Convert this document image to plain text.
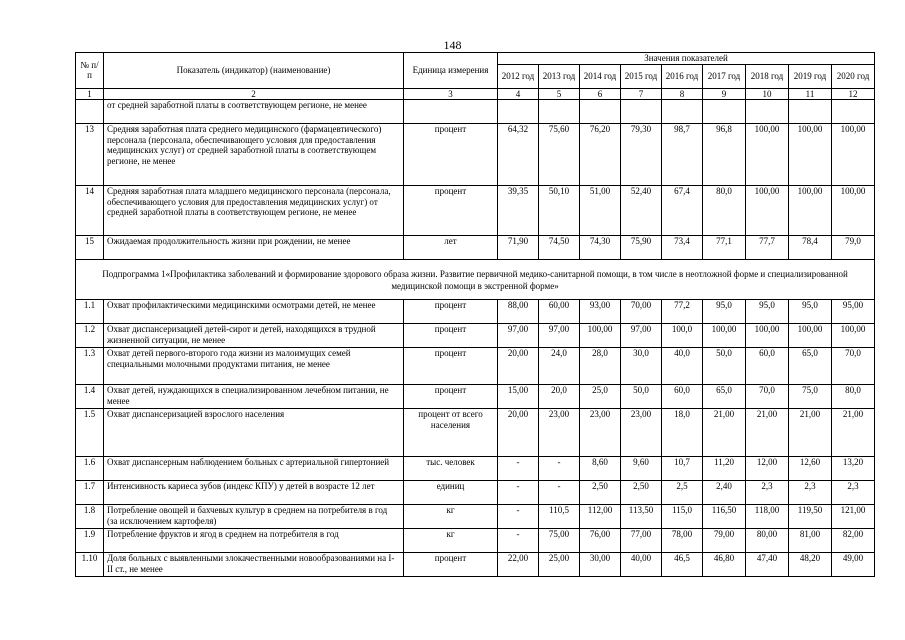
148
№ п/п	Показатель (индикатор) (наименование)	Единица измерения	Значения показателей								
			2012 год	2013 год	2014 год	2015 год	2016 год	2017 год	2018 год	2019 год	2020 год
1	2	3	4	5	6	7	8	9	10	11	12
	от средней заработной платы в соответствующем регионе, не менее										
13	Средняя заработная плата среднего медицинского (фармацевтического) персонала (персонала, обеспечивающего условия для предоставления медицинских услуг) от средней заработной платы в соответствующем регионе, не менее	процент	64,32	75,60	76,20	79,30	98,7	96,8	100,00	100,00	100,00
14	Средняя заработная плата младшего медицинского персонала (персонала, обеспечивающего условия для предоставления медицинских услуг) от средней заработной платы в соответствующем регионе, не менее	процент	39,35	50,10	51,00	52,40	67,4	80,0	100,00	100,00	100,00
15	Ожидаемая продолжительность жизни при рождении, не менее	лет	71,90	74,50	74,30	75,90	73,4	77,1	77,7	78,4	79,0
Подпрограмма 1«Профилактика заболеваний и формирование здорового образа жизни. Развитие первичной медико-санитарной помощи, в том числе в неотложной форме и специализированной медицинской помощи в экстренной форме»											
1.1	Охват профилактическими медицинскими осмотрами детей, не менее	процент	88,00	60,00	93,00	70,00	77,2	95,0	95,0	95,0	95,00
1.2	Охват диспансеризацией детей-сирот и детей, находящихся в трудной жизненной ситуации, не менее	процент	97,00	97,00	100,00	97,00	100,0	100,00	100,00	100,00	100,00
1.3	Охват детей первого-второго года жизни из малоимущих семей специальными молочными продуктами питания, не менее	процент	20,00	24,0	28,0	30,0	40,0	50,0	60,0	65,0	70,0
1.4	Охват детей, нуждающихся в специализированном лечебном питании, не менее	процент	15,00	20,0	25,0	50,0	60,0	65,0	70,0	75,0	80,0
1.5	Охват диспансеризацией взрослого населения	процент от всего населения	20,00	23,00	23,00	23,00	18,0	21,00	21,00	21,00	21,00
1.6	Охват диспансерным наблюдением больных с артериальной гипертонией	тыс. человек	-	-	8,60	9,60	10,7	11,20	12,00	12,60	13,20
1.7	Интенсивность кариеса зубов (индекс КПУ) у детей в возрасте 12 лет	единиц	-	-	2,50	2,50	2,5	2,40	2,3	2,3	2,3
1.8	Потребление овощей и бахчевых культур в среднем на потребителя в год (за исключением картофеля)	кг	-	110,5	112,00	113,50	115,0	116,50	118,00	119,50	121,00
1.9	Потребление фруктов и ягод в среднем на потребителя в год	кг	-	75,00	76,00	77,00	78,00	79,00	80,00	81,00	82,00
1.10	Доля больных с выявленными злокачественными новообразованиями на I-II ст., не менее	процент	22,00	25,00	30,00	40,00	46,5	46,80	47,40	48,20	49,00
